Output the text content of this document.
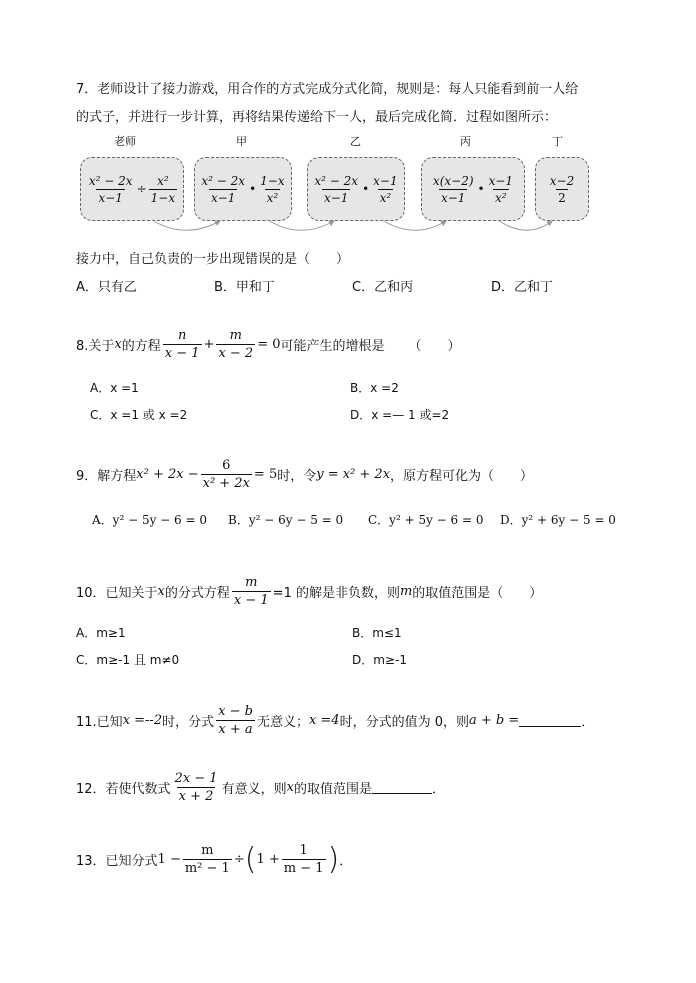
7．老师设计了接力游戏，用合作的方式完成分式化简，规则是：每人只能看到前一人给
的式子，并进行一步计算，再将结果传递给下一人，最后完成化简．过程如图所示：
老师	甲	乙	丙	丁
$\frac{\text{x² − 2x}}{x-1} \div \frac{\text{x²}}{1-x} \frac{\text{x² − 2x}}{x-1}$ • $\frac{1-x}{\text{x²}} \frac{\text{x² − 2x}}{x-1}$ • $\frac{x-1}{\text{x²}}$	$\frac{x(x-2)}{x-1}$ • $\frac{x-1}{\text{x²}}$	$\frac{x-2}{2}$
接力中，自己负责的一步出现错误的是（　　）
A．只有乙	B．甲和丁	C．乙和丙	D．乙和丁
8.关于 x 的方程 $\frac{n}{x - 1} + \frac{m}{x - 2} = 0$ 可能产生的增根是 （　　）
A．x =1	B．x =2
C．x =1 或 x =2	D．x =— 1 或=2
9．解方程 $x^2 + 2x - \frac{6}{\text{x² + 2x}} = 5$ 时，令 y = x² + 2x ，原方程可化为（　　）
A．y² − 5y − 6 = 0 B．y² − 6y − 5 = 0 C．y² + 5y − 6 = 0 D．y² + 6y − 5 = 0
10．已知关于 x 的分式方程 $\frac{m}{x - 1} =1$ 的解是非负数，则 m 的取值范围是（　　）
A．m≥1	B．m≤1
C．m≥-1 且 m≠0	D．m≥-1
11.已知 x =--2 时，分式 $\frac{x - b}{x + a}$ 无意义； x =4 时，分式的值为 0，则 a + b =	．
12．若使代数式 $\frac{2x - 1}{x + 2}$ 有意义，则 x 的取值范围是	．
13．已知分式 $1 - \frac{m}{\text{m² − 1}}$ ÷ ( $1 + \frac{1}{m - 1}$ ) ．
